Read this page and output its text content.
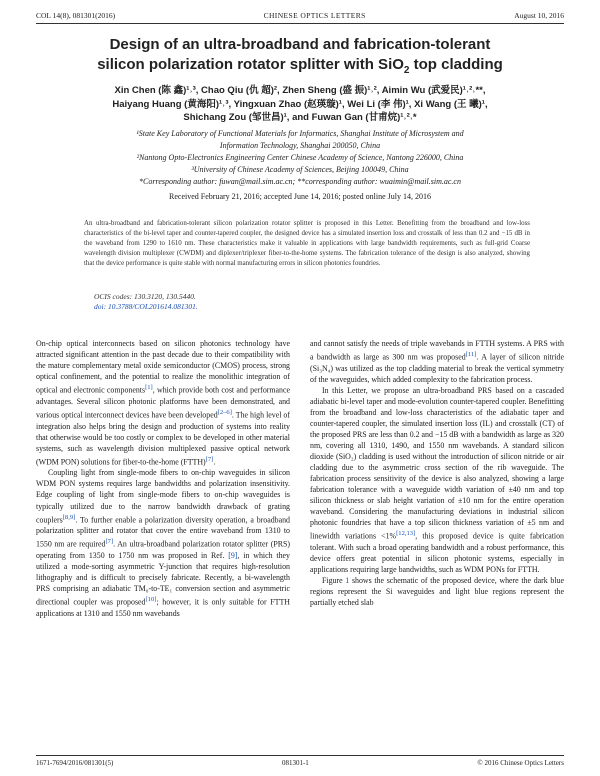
COL 14(8), 081301(2016)	CHINESE OPTICS LETTERS	August 10, 2016
Design of an ultra-broadband and fabrication-tolerant
silicon polarization rotator splitter with SiO$_2$ top cladding
Xin Chen (陈 鑫)¹˒³, Chao Qiu (仇 超)², Zhen Sheng (盛 振)¹˒², Aimin Wu (武爱民)¹˒²˒**,
Haiyang Huang (黄海阳)¹˒³, Yingxuan Zhao (赵瑛璇)¹, Wei Li (李 伟)¹, Xi Wang (王 曦)¹,
Shichang Zou (邹世昌)¹, and Fuwan Gan (甘甫烷)¹˒²˒*

¹State Key Laboratory of Functional Materials for Informatics, Shanghai Institute of Microsystem and

Information Technology, Shanghai 200050, China

²Nantong Opto-Electronics Engineering Center Chinese Academy of Science, Nantong 226000, China

³University of Chinese Academy of Sciences, Beijing 100049, China

*Corresponding author: fuwan@mail.sim.ac.cn; **corresponding author: wuaimin@mail.sim.ac.cn

Received February 21, 2016; accepted June 14, 2016; posted online July 14, 2016
An ultra-broadband and fabrication-tolerant silicon polarization rotator splitter is proposed in this Letter. Benefitting from the broadband and low-loss characteristics of the bi-level taper and counter-tapered coupler, the designed device has a simulated insertion loss and crosstalk of less than 0.2 and −15 dB in the waveband from 1290 to 1610 nm. These characteristics make it valuable in applications with large bandwidth requirements, such as full-grid Coarse wavelength division multiplexer (CWDM) and diplexer/triplexer fiber-to-the-home systems. The fabrication tolerance of the design is also analyzed, showing that the device performance is quite stable with normal manufacturing errors in silicon photonics foundries.
OCIS codes: 130.3120, 130.5440.
doi: 10.3788/COL201614.081301.

On-chip optical interconnects based on silicon photonics technology have attracted significant attention in the past decade due to their compatibility with the mature complementary metal oxide semiconductor (CMOS) process, strong optical confinement, and the potential to realize the monolithic integration of optical and electronic components[1], which provide both cost and performance advantages. Several silicon photonic platforms have been demonstrated, and various optical interconnect devices have been developed[2–6]. The high level of integration also helps bring the design and production of systems into reality that otherwise would be too costly or complex to be developed in other material systems, such as wavelength division multiplexed passive optical network (WDM PON) solutions for fiber-to-the-home (FTTH)[7].

Coupling light from single-mode fibers to on-chip waveguides in silicon WDM PON systems requires large bandwidths and polarization insensitivity. Edge coupling of light from single-mode fibers to on-chip waveguides is typically utilized due to the narrow bandwidth drawback of grating couplers[8,9]. To further enable a polarization diversity operation, a broadband polarization splitter and rotator that cover the entire waveband from 1310 to 1550 nm are required[7]. An ultra-broadband polarization rotator splitter (PRS) operating from 1350 to 1750 nm was proposed in Ref. [9], in which they utilized a mode-sorting asymmetric Y-junction that requires high-resolution lithography and is difficult to precisely fabricate. Recently, a bi-wavelength PRS comprising an adiabatic TM₀-to-TE₁ conversion section and asymmetric directional coupler was proposed[10]; however, it is only suitable for FTTH applications at 1310 and 1550 nm wavebands

and cannot satisfy the needs of triple wavebands in FTTH systems. A PRS with a bandwidth as large as 300 nm was proposed[11]. A layer of silicon nitride (Si₃N₄) was utilized as the top cladding material to break the vertical symmetry of the waveguides, which added complexity to the fabrication process.

In this Letter, we propose an ultra-broadband PRS based on a cascaded adiabatic bi-level taper and mode-evolution counter-tapered coupler. Benefitting from the broadband and low-loss characteristics of the adiabatic taper and counter-tapered coupler, the simulated insertion loss (IL) and crosstalk (CT) of the proposed PRS are less than 0.2 and −15 dB with a bandwidth as large as 320 nm, covering all 1310, 1490, and 1550 nm wavebands. A standard silicon dioxide (SiO₂) cladding is used without the introduction of silicon nitride or air cladding due to the asymmetric cross section of the rib waveguide. The fabrication process sensitivity of the device is also analyzed, showing a large fabrication tolerance with a waveguide width variation of ±40 nm and top silicon thickness or slab height variation of ±10 nm for the entire operation waveband. Considering the manufacturing deviations in industrial silicon photonic foundries that have a top silicon thickness variation of ±5 nm and linewidth variations <1%[12,13], this proposed device is quite fabrication tolerant. With such a broad operating bandwidth and a robust performance, this device offers great potential in silicon photonic systems, especially in applications requiring large bandwidths, such as WDM PONs for FTTH.

Figure 1 shows the schematic of the proposed device, where the dark blue regions represent the Si waveguides and light blue regions represent the partially etched slab

1671-7694/2016/081301(5)	081301-1	© 2016 Chinese Optics Letters
